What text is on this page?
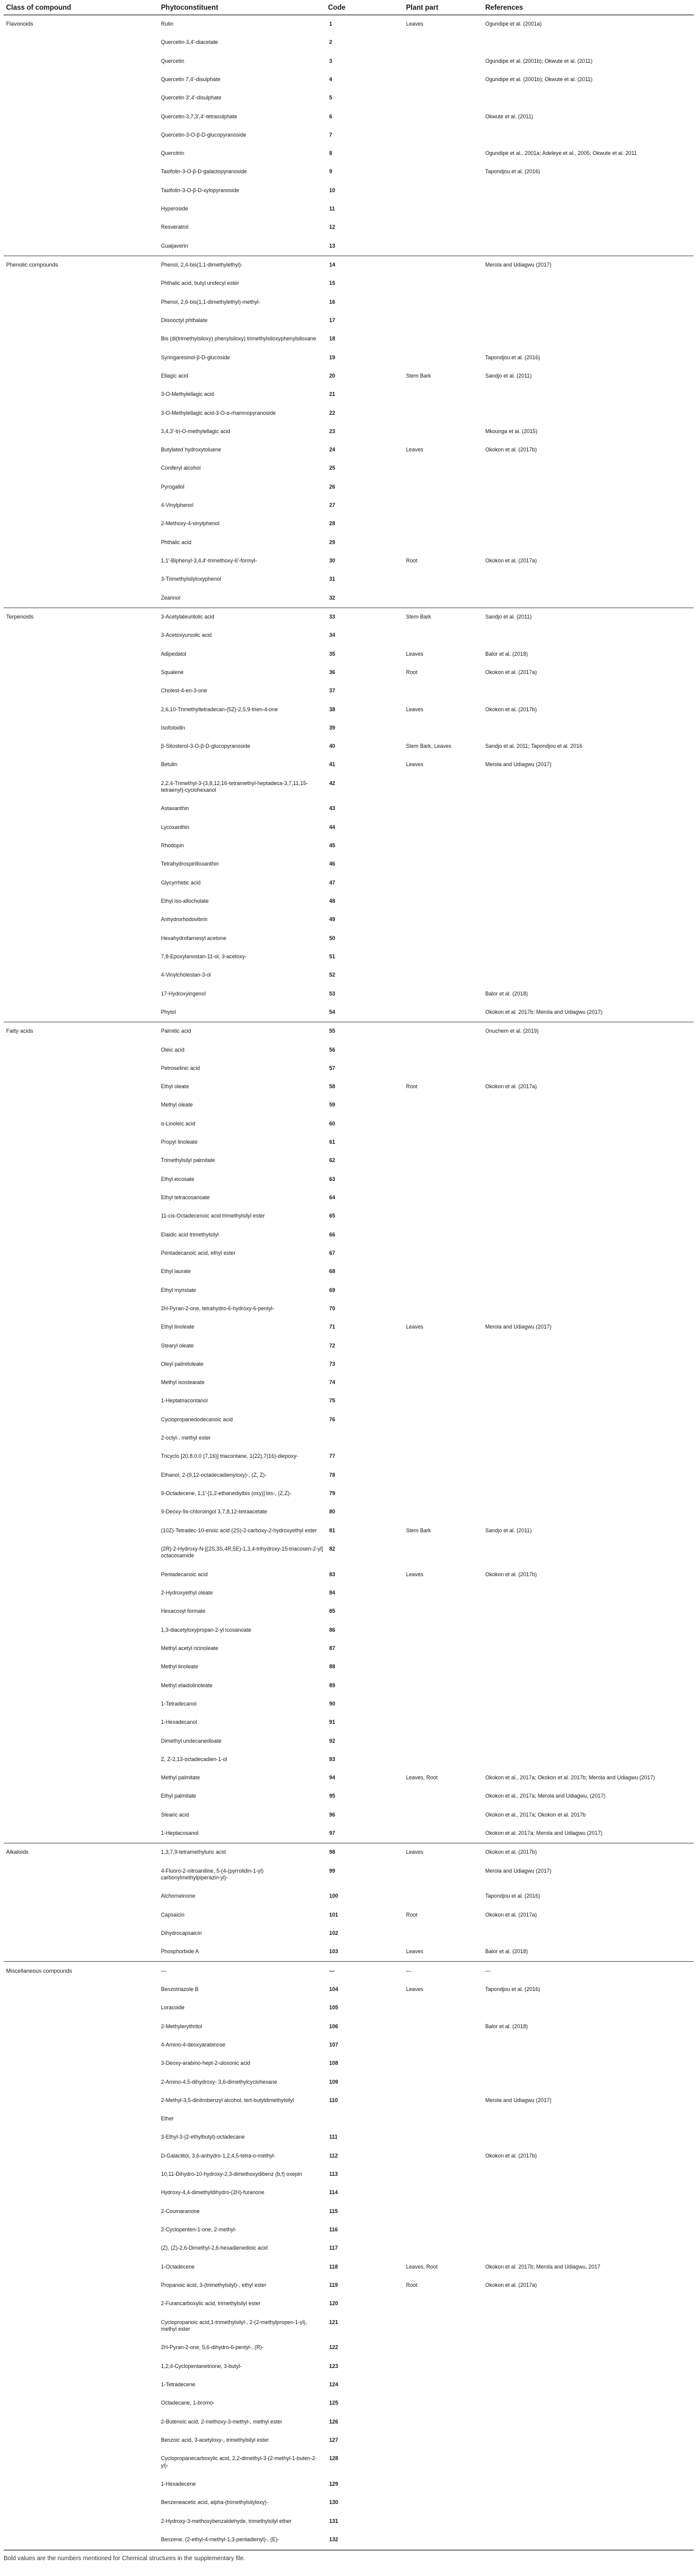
Class of compound	Phytoconstituent	Code	Plant part	References
Flavonoids	Rutin	1	Leaves	Ogundipe et al. (2001a)
	Quercetin-3,4′-diacetate	2		
	Quercetin	3		Ogundipe et al. (2001b); Okwute et al. (2011)
	Quercetin 7,4′-disulphate	4		Ogundipe et al. (2001b); Okwute et al. (2011)
	Quercetin 3′,4′-disulphate	5		
	Quercetin-3,7,3′,4′-tetrasulphate	6		Okwute et al. (2011)
	Quercetin-3-O-β-D-glucopyranoside	7		
	Quercitrin	8		Ogundipe et al., 2001a; Adeleye et al., 2005; Okwute et al. 2011
	Taxifolin-3-O-β-D-galactopyranoside	9		Tapondjou et al. (2016)
	Taxifolin-3-O-β-D-xylopyranoside	10		
	Hyperoside	11		
	Resveratrol	12		
	Guaijaverin	13		
Phenolic compounds	Phenol, 2,4-bis(1,1-dimethylethyl)-	14		Merola and Udiagwu (2017)
	Phthalic acid, butyl undecyl ester	15		
	Phenol, 2,6-bis(1,1-dimethylethyl)-methyl-	16		
	Diisooctyl phthalate	17		
	Bis (di(trimethylsiloxy) phenylsiloxy) trimethylsiloxyphenylsiloxane	18		
	Syringaresinol-β-D-glucoside	19		Tapondjou et al. (2016)
	Ellagic acid	20	Stem Bark	Sandjo et al. (2011)
	3-O-Methylellagic acid	21		
	3-O-Methylellagic acid-3-O-α-rhamnopyranoside	22		
	3,4,3′-tri-O-methylellagic acid	23		Mkounga et al. (2015)
	Butylated hydroxytoluene	24	Leaves	Okokon et al. (2017b)
	Coniferyl alcohol	25		
	Pyrogallol	26		
	4-Vinylphenol	27		
	2-Methoxy-4-vinylphenol	28		
	Phthalic acid	29		
	1,1′-Biphenyl-3,4,4′-trimethoxy-6′-formyl-	30	Root	Okokon et al. (2017a)
	3-Trimethylsilyloxyphenol	31		
	Zearinol	32		
Terpenoids	3-Acetylaleuritolic acid	33	Stem Bark	Sandjo et al. (2011)
	3-Acetoxyursolic acid	34		
	Adipedatol	35	Leaves	Balor et al. (2018)
	Squalene	36	Root	Okokon et al. (2017a)
	Cholest-4-en-3-one	37		
	2,6,10-Trimethyltetradecan-(5Z)-2,5,9-trien-4-one	38	Leaves	Okokon et al. (2017b)
	Isofoloidin	39		
	β-Sitosterol-3-O-β-D-glucopyranoside	40	Stem Bark, Leaves	Sandjo et al. 2011; Tapondjou et al. 2016
	Betulin	41	Leaves	Merola and Udiagwu (2017)
	2,2,4-Trimethyl-3-(3,8,12,16-tetramethyl-heptadeca-3,7,11,15-tetraenyl)-cyclohexanol	42		
	Astaxanthin	43		
	Lycoxanthin	44		
	Rhodopin	45		
	Tetrahydrospirilloxanthin	46		
	Glycyrrhetic acid	47		
	Ethyl iso-allocholate	48		
	Anhydrorhodovibrin	49		
	Hexahydrofarnesyl acetone	50		
	7,8-Epoxylanostan-11-ol, 3-acetoxy-	51		
	4-Vinylcholestan-3-ol	52		
	17-Hydroxyingenol	53		Balor et al. (2018)
	Phytol	54		Okokon et al. 2017b; Merola and Udiagwu (2017)
Fatty acids	Palmitic acid	55		Onuchem et al. (2019)
	Oleic acid	56		
	Petroselinic acid	57		
	Ethyl oleate	58	Root	Okokon et al. (2017a)
	Methyl oleate	59		
	α-Linoleic acid	60		
	Propyl linoleate	61		
	Trimethylsilyl palmitate	62		
	Ethyl eicosate	63		
	Ethyl tetracosanoate	64		
	11-cis-Octadecenoic acid trimethylsilyl ester	65		
	Elaidic acid trimethylsilyl	66		
	Pentadecanoic acid, ethyl ester	67		
	Ethyl laurate	68		
	Ethyl myristate	69		
	2H-Pyran-2-one, tetrahydro-6-hydroxy-6-pentyl-	70		
	Ethyl linoleate	71	Leaves	Merola and Udiagwu (2017)
	Stearyl oleate	72		
	Oleyl palmitoleate	73		
	Methyl isostearate	74		
	1-Heptatriacontanol	75		
	Cyclopropanedodecanoic acid	76		
	2-octyl-, methyl ester			
	Tricyclo [20.8.0.0 (7,16)] triacontane, 1(22),7(16)-diepoxy-	77		
	Ethanol, 2-(9,12-octadecadienyloxy)-, (Z, Z)-	78		
	9-Octadecene, 1,1′-[1,2-ethanediylbis (oxy)] bis-, (Z,Z)-	79		
	9-Deoxy-9x-chloroingol 3,7,8,12-tetraacetate	80		
	(10Z)-Tetradec-10-enoic acid (2S)-2-carboxy-2-hydroxyethyl ester	81	Stem Bark	Sandjo et al. (2011)
	(2R)-2-Hydroxy-N-[(2S,3S,4R,5E)-1,3,4-trihydroxy-15-triacosen-2-yl] octacosamide	82		
	Pentadecanoic acid	83	Leaves	Okokon et al. (2017b)
	2-Hydroxyethyl oleate	84		
	Hexacosyl formate	85		
	1,3-diacetyloxypropan-2-yl icosanoate	86		
	Methyl acetyl ricinoleate	87		
	Methyl linoleate	88		
	Methyl elaidolinoleate	89		
	1-Tetradecanol	90		
	1-Hexadecanol	91		
	Dimethyl undecanedioate	92		
	Z, Z-2,13-octadecadien-1-ol	93		
	Methyl palmitate	94	Leaves, Root	Okokon et al., 2017a; Okokon et al. 2017b; Merola and Udiagwu (2017)
	Ethyl palmitate	95		Okokon et al., 2017a; Merola and Udiagwu, (2017)
	Stearic acid	96		Okokon et al., 2017a; Okokon et al. 2017b
	1-Heptacosanol	97		Okokon et al. 2017a; Merola and Udiagwu (2017)
Alkaloids	1,3,7,9-tetramethyluric acid	98	Leaves	Okokon et al. (2017b)
	4-Fluoro-2-nitroaniline, 5-(4-(pyrrolidin-1-yl) carbonylmethylpiperazin-yl)-	99		Merola and Udiagwu (2017)
	Alchorneinone	100		Tapondjou et al. (2016)
	Capsaicin	101	Root	Okokon et al. (2017a)
	Dihydrocapsaicin	102		
	Phosphorbide A	103	Leaves	Balor et al. (2018)
Miscellaneous compounds	—	—	—	—
	Benzotriazole B	104	Leaves	Tapondjou et al. (2016)
	Loracoide	105		
	2-Methylerythritol	106		Balor et al. (2018)
	4-Amino-4-deoxyarabinose	107		
	3-Deoxy-arabino-hept-2-ulosonic acid	108		
	2-Amino-4,5-dihydroxy- 3,6-dimethylcyclohexane	109		
	2-Methyl-3,5-dinitrobenzyl alcohol, tert-butyldimethylsilyl	110		Merola and Udiagwu (2017)
	Ether			
	3-Ethyl-3-(2-ethylbutyl)-octadecane	111		
	D-Galactitol, 3,6-anhydro-1,2,4,5-tetra-o-methyl-	112		Okokon et al. (2017b)
	10,11-Dihydro-10-hydroxy-2,3-dimethoxydibenz (b,f) oxepin	113		
	Hydroxy-4,4-dimethyldihydro-(2H)-furanone	114		
	2-Coumaranone	115		
	2-Cyclopenten-1-one, 2-methyl-	116		
	(Z), (Z)-2,6-Dimethyl-2,6-hexadienedioic acid	117		
	1-Octadecene	118	Leaves, Root	Okokon et al. 2017b; Merola and Udiagwu, 2017
	Propanoic acid, 3-(trimethylsilyl)-, ethyl ester	119	Root	Okokon et al. (2017a)
	2-Furancarboxylic acid, trimethylsilyl ester	120		
	Cyclopropanoic acid,1-trimethylsilyl-, 2-(2-methylpropen-1-yl), methyl ester	121		
	2H-Pyran-2-one, 5,6-dihydro-6-pentyl-, (R)-	122		
	1,2,4-Cyclopentanetrione, 3-butyl-	123		
	1-Tetradecene	124		
	Octadecane, 1-bromo-	125		
	2-Butenoic acid, 2-methoxy-3-methyl-, methyl ester	126		
	Benzoic acid, 3-acetyloxy-, trimethylsilyl ester	127		
	Cyclopropanecarboxylic acid, 2,2-dimethyl-3-(2-methyl-1-buten-2-yl)-	128		
	1-Hexadecene	129		
	Benzeneacetic acid, alpha-(trimethylsilyloxy)-	130		
	2-Hydroxy-3-methoxybenzaldehyde, trimethylsilyl ether	131		
	Benzene, (2-ethyl-4-methyl-1,3-pentadienyl)-, (E)-	132		
Bold values are the numbers mentioned for Chemical structures in the supplementary file.
